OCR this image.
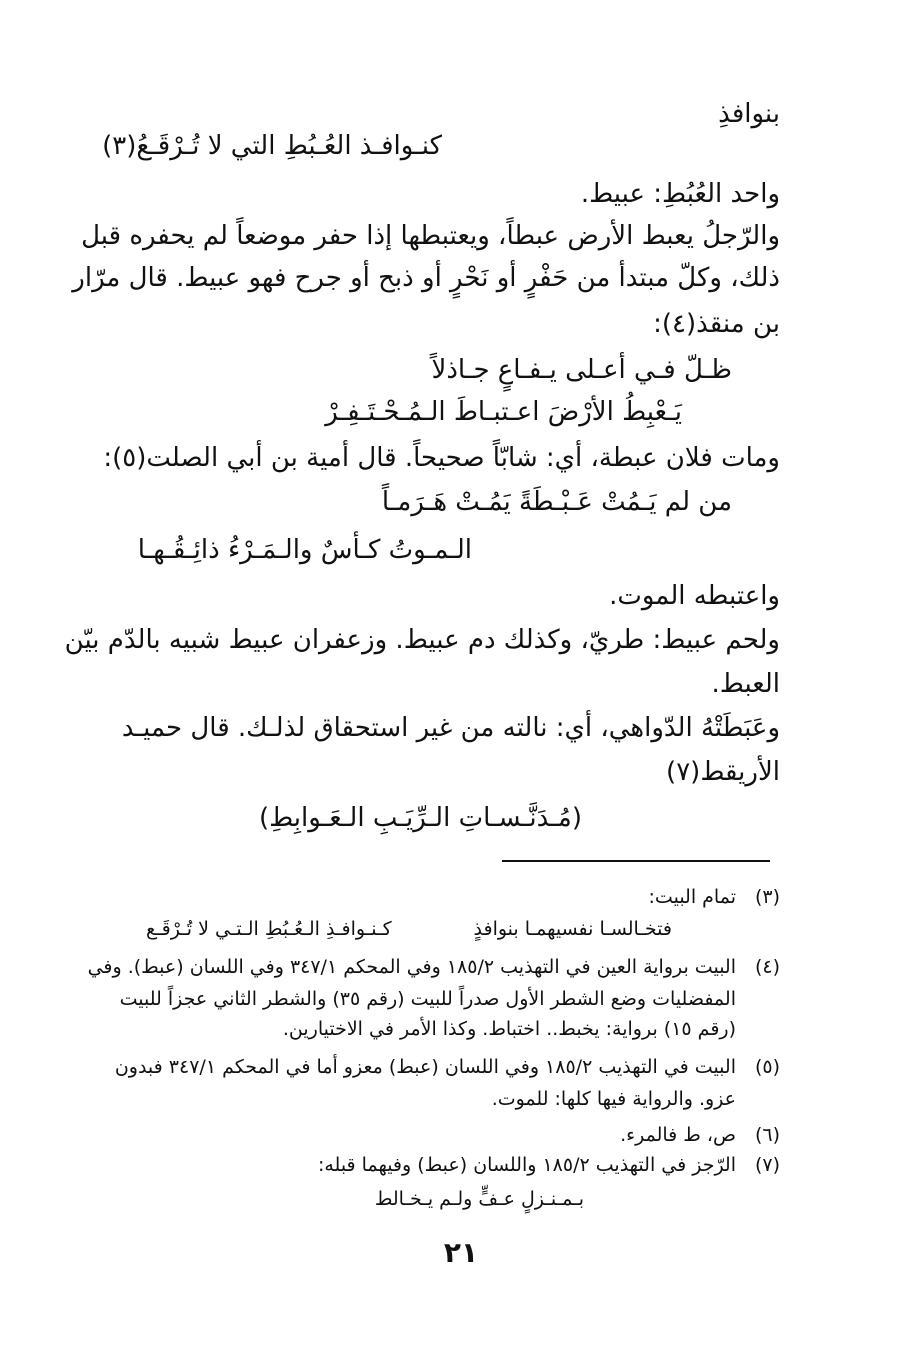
بنوافذِ
كنـوافـذ العُـبُطِ التي لا تُـرْقَـعُ(٣)
واحد العُبُطِ: عبيط.
والرّجلُ يعبط الأرض عبطاً، ويعتبطها إذا حفر موضعاً لم يحفره قبل
ذلك، وكلّ مبتدأ من حَفْرٍ أو نَحْرٍ أو ذبح أو جرح فهو عبيط. قال مرّار
بن منقذ(٤):
ظـلّ فـي أعـلى يـفـاعٍ جـاذلاً
يَـعْبِطُ الأرْضَ اعـتبـاطَ الـمُـحْـتَـفِـرْ
ومات فلان عبطة، أي: شابّاً صحيحاً. قال أمية بن أبي الصلت(٥):
من لم يَـمُتْ عَـبْـطَةً يَمُـتْ هَـرَمـاً
الـمـوتُ كـأسٌ والـمَـرْءُ ذائِـقُـهـا
واعتبطه الموت.
ولحم عبيط: طريّ، وكذلك دم عبيط. وزعفران عبيط شبيه بالدّم بيّن
العبط.
وعَبَطَتْهُ الدّواهي، أي: نالته من غير استحقاق لذلـك. قال حميـد
الأريقط(٧)
(مُـدَنَّـسـاتِ الـرِّيَـبِ الـعَـوابِطِ)
(٣)
تمام البيت:
فتخـالسـا نفسيهمـا بنوافذٍ
كـنـوافـذِ الـعُـبُطِ الـتـي لا تُـرْقَـع
(٤)
البيت برواية العين في التهذيب ١٨٥/٢ وفي المحكم ٣٤٧/١ وفي اللسان (عبط). وفي
المفضليات وضع الشطر الأول صدراً للبيت (رقم ٣٥) والشطر الثاني عجزاً للبيت
(رقم ١٥) برواية: يخبط.. اختباط. وكذا الأمر في الاختيارين.
(٥)
البيت في التهذيب ١٨٥/٢ وفي اللسان (عبط) معزو أما في المحكم ٣٤٧/١ فبدون
عزو. والرواية فيها كلها: للموت.
(٦)
ص، ط فالمرء.
(٧)
الرّجز في التهذيب ١٨٥/٢ واللسان (عبط) وفيهما قبله:
بـمـنـزلٍ عـفٍّ ولـم يـخـالط
٢١
